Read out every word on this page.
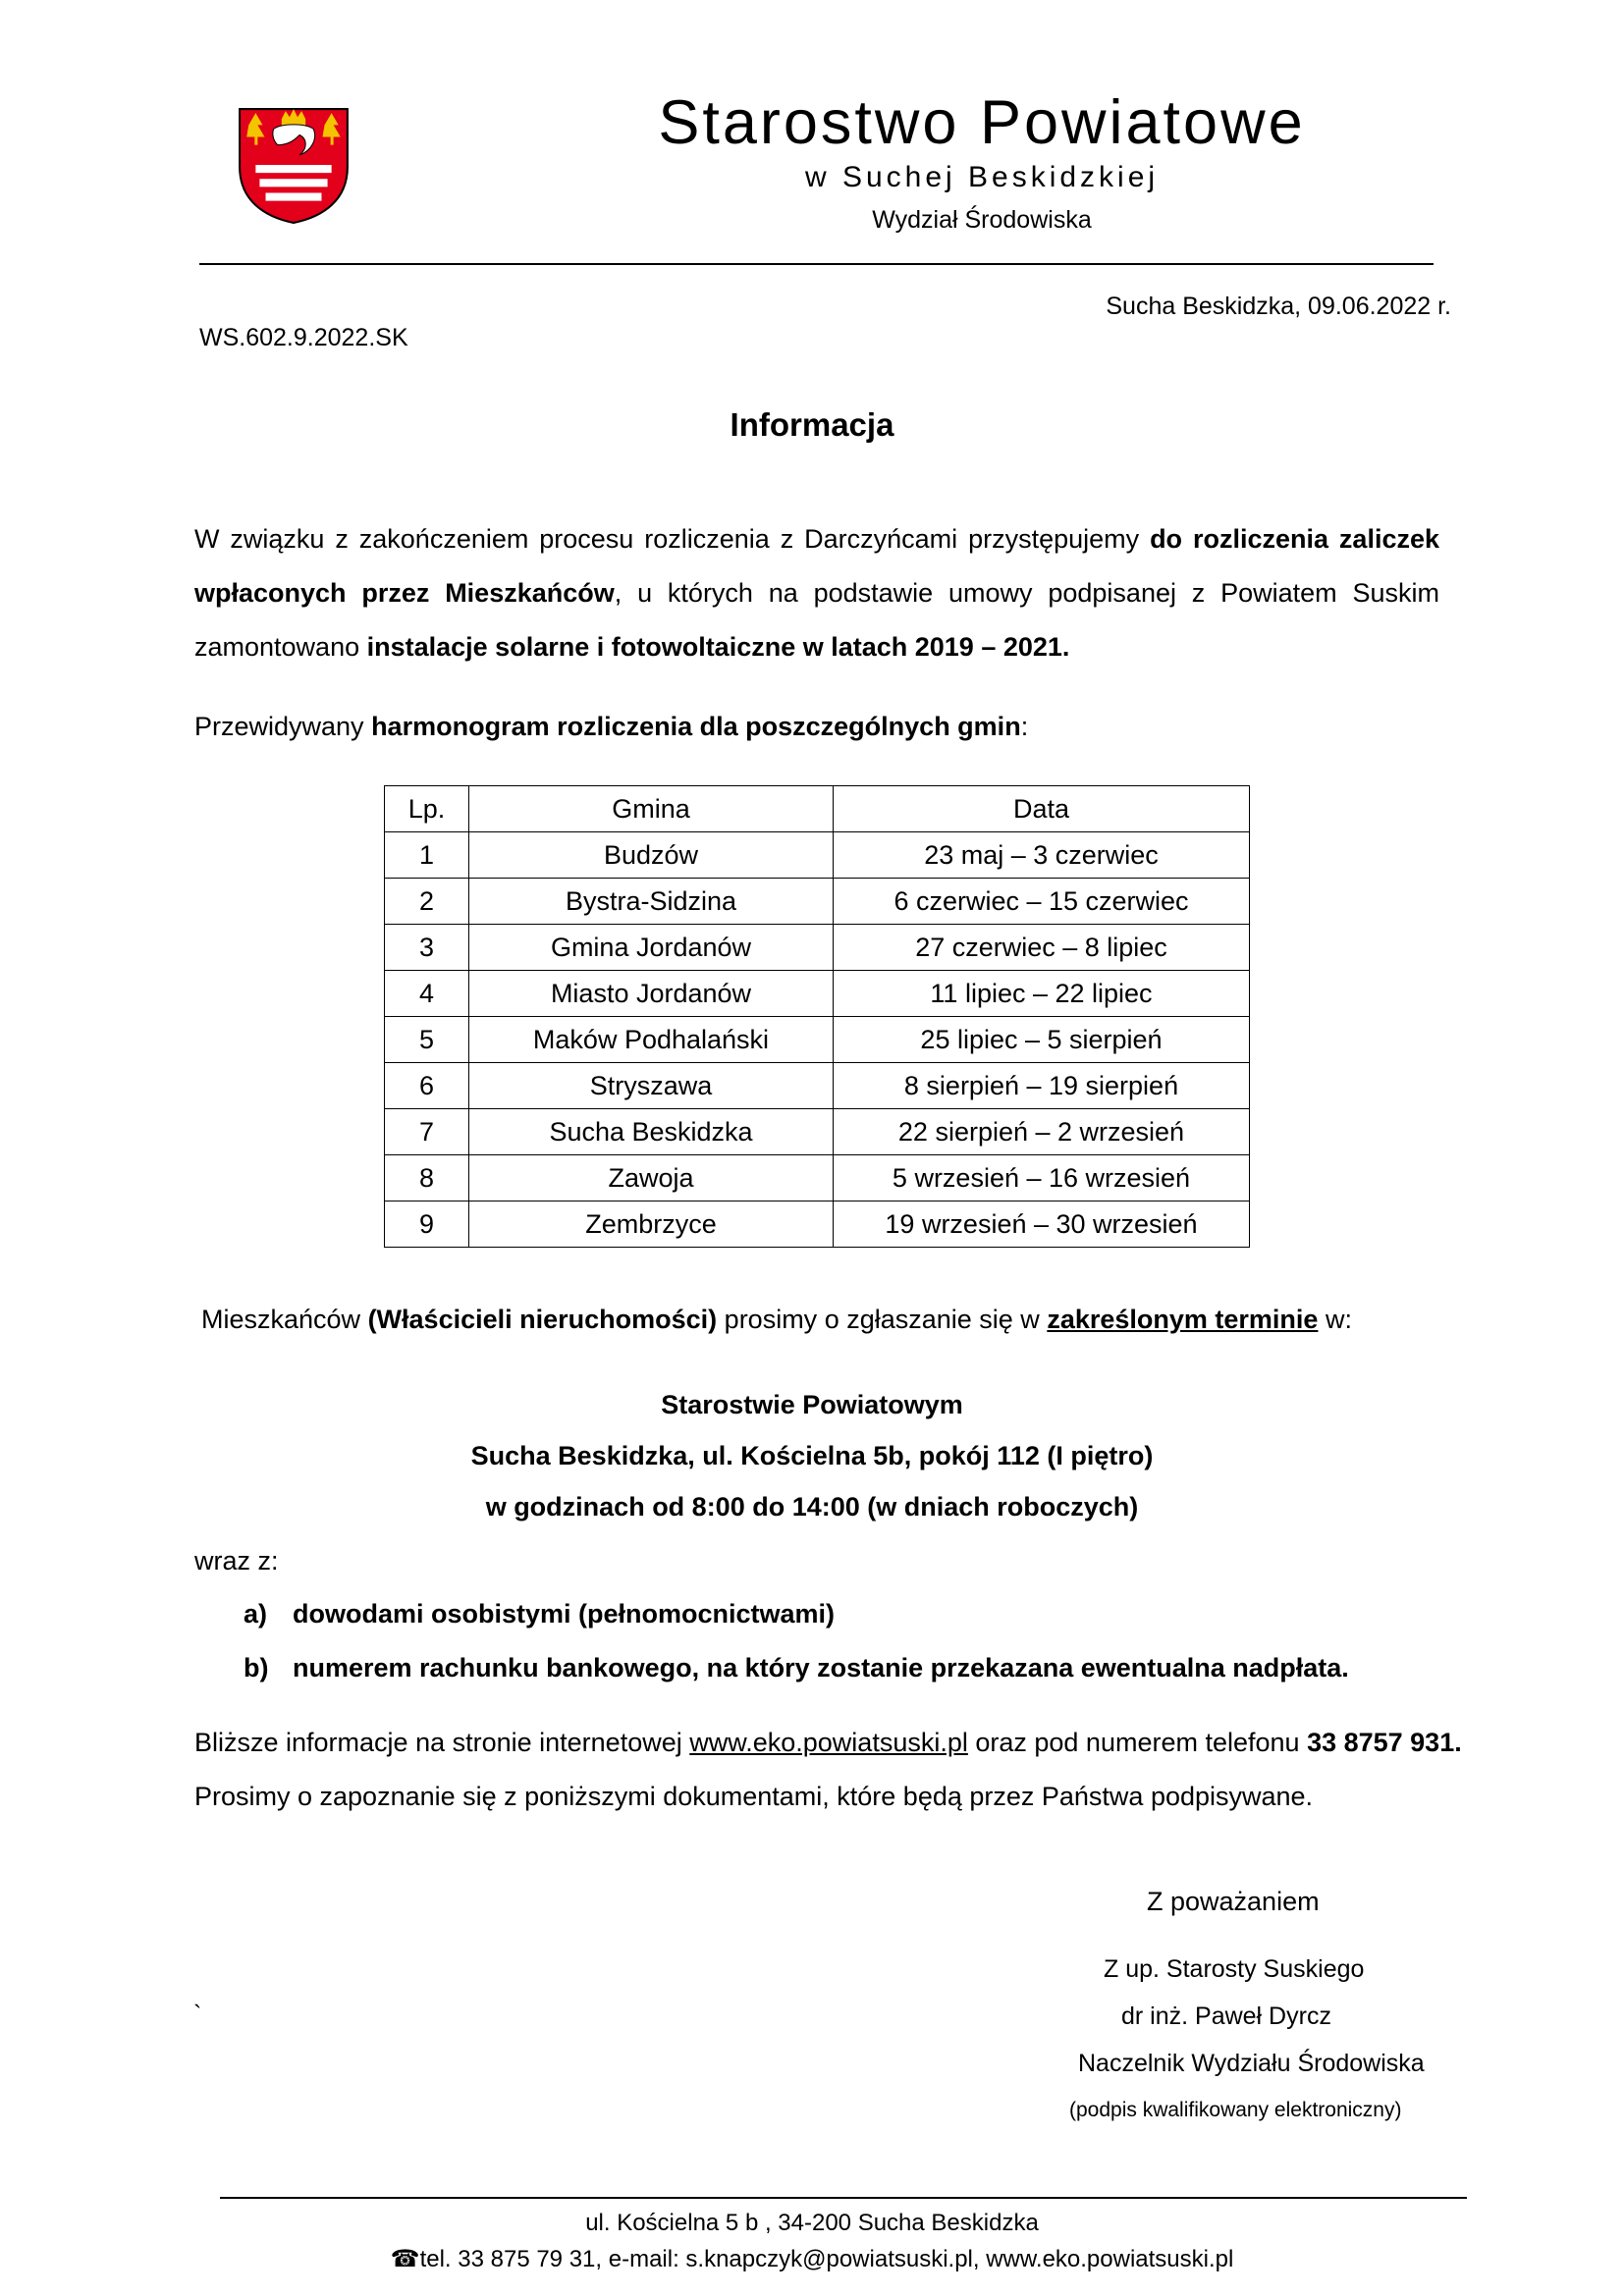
Starostwo Powiatowe
w Suchej Beskidzkiej
Wydział Środowiska
Sucha Beskidzka, 09.06.2022 r.
WS.602.9.2022.SK
Informacja
W związku z zakończeniem procesu rozliczenia z Darczyńcami przystępujemy do rozliczenia zaliczek wpłaconych przez Mieszkańców, u których na podstawie umowy podpisanej z Powiatem Suskim zamontowano instalacje solarne i fotowoltaiczne w latach 2019 – 2021.
Przewidywany harmonogram rozliczenia dla poszczególnych gmin:
Lp.	Gmina	Data
1	Budzów	23 maj – 3 czerwiec
2	Bystra-Sidzina	6 czerwiec – 15 czerwiec
3	Gmina Jordanów	27 czerwiec – 8 lipiec
4	Miasto Jordanów	11 lipiec – 22 lipiec
5	Maków Podhalański	25 lipiec – 5 sierpień
6	Stryszawa	8 sierpień – 19 sierpień
7	Sucha Beskidzka	22 sierpień – 2 wrzesień
8	Zawoja	5 wrzesień – 16 wrzesień
9	Zembrzyce	19 wrzesień – 30 wrzesień
Mieszkańców (Właścicieli nieruchomości) prosimy o zgłaszanie się w zakreślonym terminie w:
Starostwie Powiatowym
Sucha Beskidzka, ul. Kościelna 5b, pokój 112 (I piętro)
w godzinach od 8:00 do 14:00 (w dniach roboczych)
wraz z:
a) dowodami osobistymi (pełnomocnictwami)
b) numerem rachunku bankowego, na który zostanie przekazana ewentualna nadpłata.
Bliższe informacje na stronie internetowej www.eko.powiatsuski.pl oraz pod numerem telefonu 33 8757 931.
Prosimy o zapoznanie się z poniższymi dokumentami, które będą przez Państwa podpisywane.
Z poważaniem
Z up. Starosty Suskiego
dr inż. Paweł Dyrcz
Naczelnik Wydziału Środowiska
(podpis kwalifikowany elektroniczny)
`
ul. Kościelna 5 b , 34-200 Sucha Beskidzka
☎tel. 33 875 79 31, e-mail: s.knapczyk@powiatsuski.pl, www.eko.powiatsuski.pl
